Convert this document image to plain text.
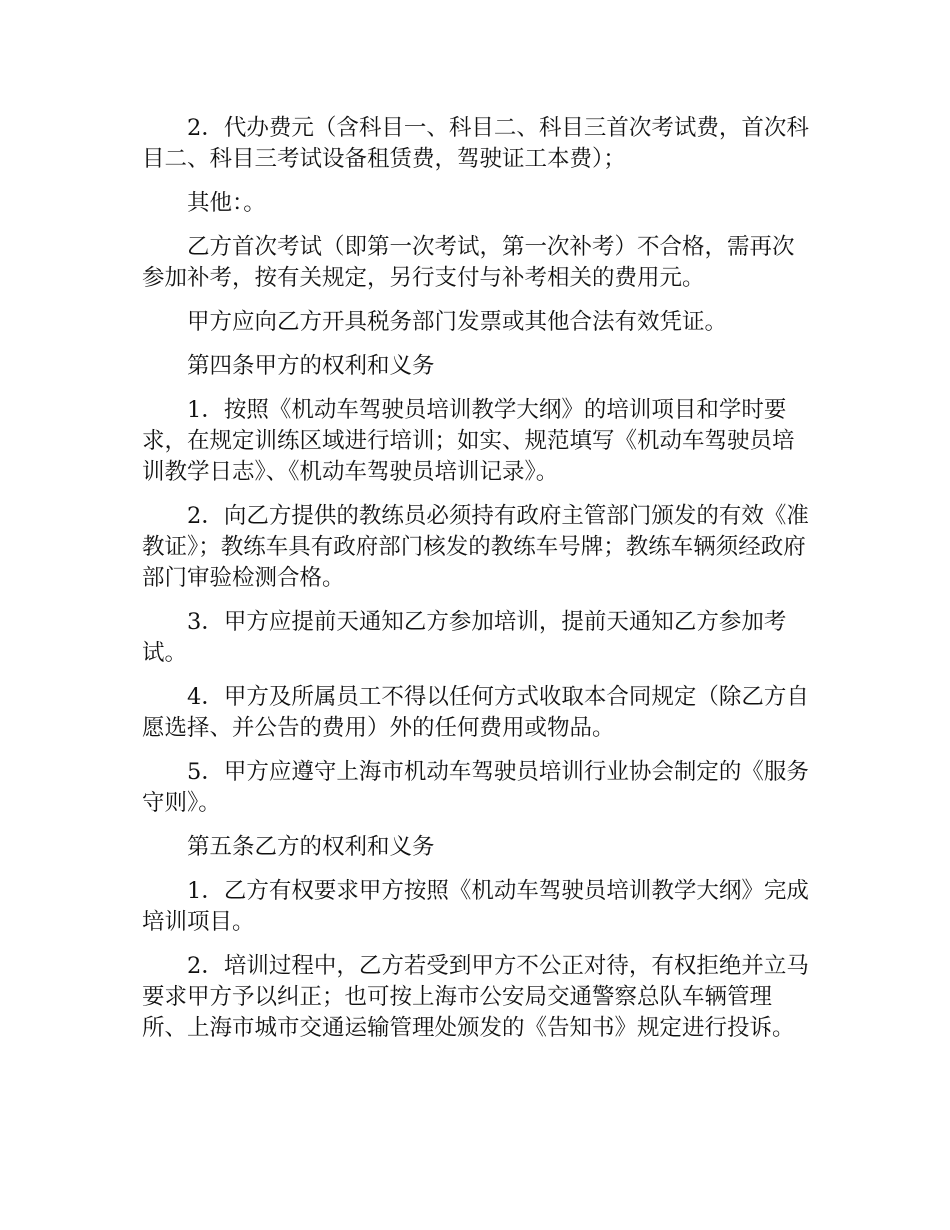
2．代办费元（含科目一、科目二、科目三首次考试费，首次科目二、科目三考试设备租赁费，驾驶证工本费）；

其他：。

乙方首次考试（即第一次考试，第一次补考）不合格，需再次参加补考，按有关规定，另行支付与补考相关的费用元。

甲方应向乙方开具税务部门发票或其他合法有效凭证。

第四条甲方的权利和义务

1．按照《机动车驾驶员培训教学大纲》的培训项目和学时要求，在规定训练区域进行培训；如实、规范填写《机动车驾驶员培训教学日志》、《机动车驾驶员培训记录》。

2．向乙方提供的教练员必须持有政府主管部门颁发的有效《准教证》；教练车具有政府部门核发的教练车号牌；教练车辆须经政府部门审验检测合格。

3．甲方应提前天通知乙方参加培训，提前天通知乙方参加考试。

4．甲方及所属员工不得以任何方式收取本合同规定（除乙方自愿选择、并公告的费用）外的任何费用或物品。

5．甲方应遵守上海市机动车驾驶员培训行业协会制定的《服务守则》。

第五条乙方的权利和义务

1．乙方有权要求甲方按照《机动车驾驶员培训教学大纲》完成培训项目。

2．培训过程中，乙方若受到甲方不公正对待，有权拒绝并立马要求甲方予以纠正；也可按上海市公安局交通警察总队车辆管理所、上海市城市交通运输管理处颁发的《告知书》规定进行投诉。
